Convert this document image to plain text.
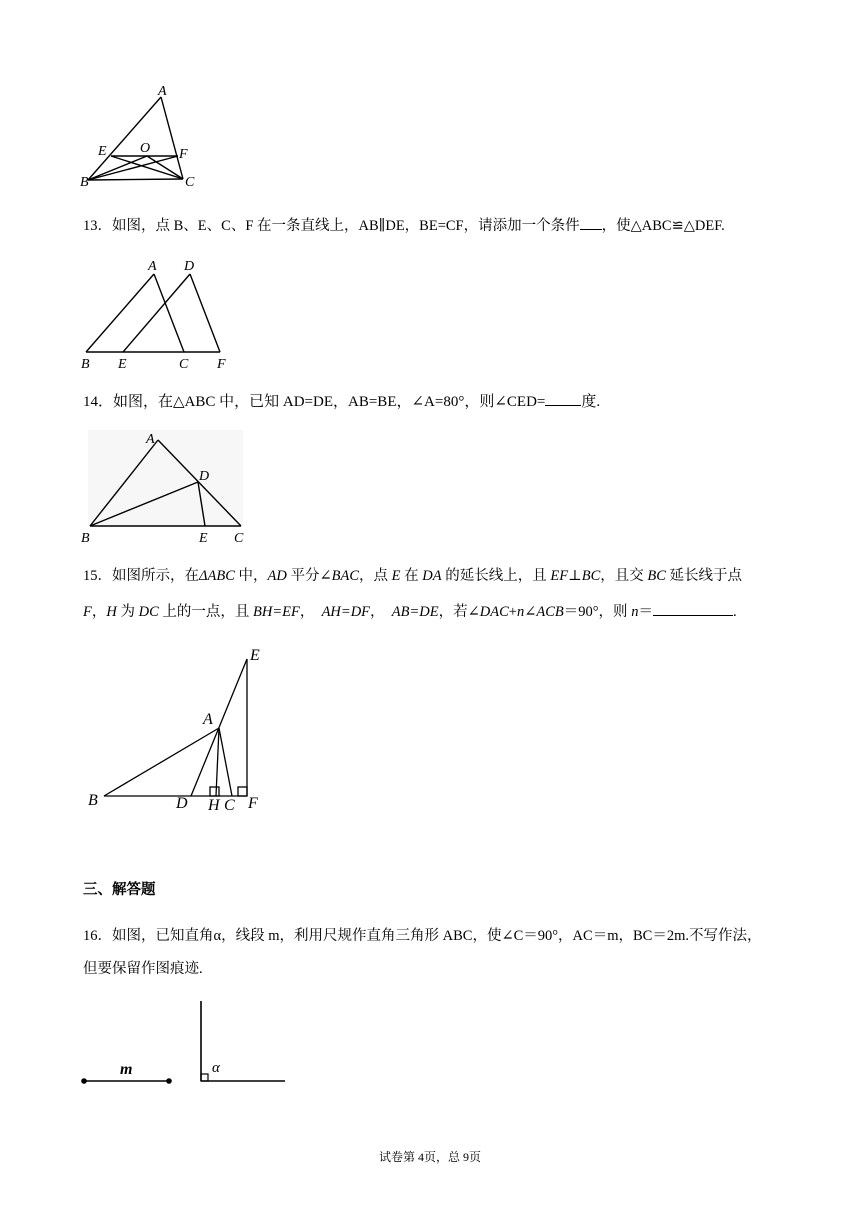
A
E O F
B	C
13．如图，点 B、E、C、F 在一条直线上，AB∥DE，BE=CF，请添加一个条件 ，使△ABC≌△DEF.
A D
B E	C F
14．如图，在△ABC 中，已知 AD=DE，AB=BE，∠A=80°，则∠CED= 度.
A
D
B	E C
15．如图所示，在ΔABC 中，AD 平分∠BAC，点 E 在 DA 的延长线上，且 EF⊥BC，且交 BC 延长线于点
F，H 为 DC 上的一点，且 BH=EF，  AH=DF，  AB=DE，若∠DAC+n∠ACB＝90°，则 n＝	.
E
A
B	D H C F
三、解答题
16．如图，已知直角α，线段 m，利用尺规作直角三角形 ABC，使∠C＝90°，AC＝m，BC＝2m.不写作法，
但要保留作图痕迹.
m	α
试卷第 4页，总 9页
